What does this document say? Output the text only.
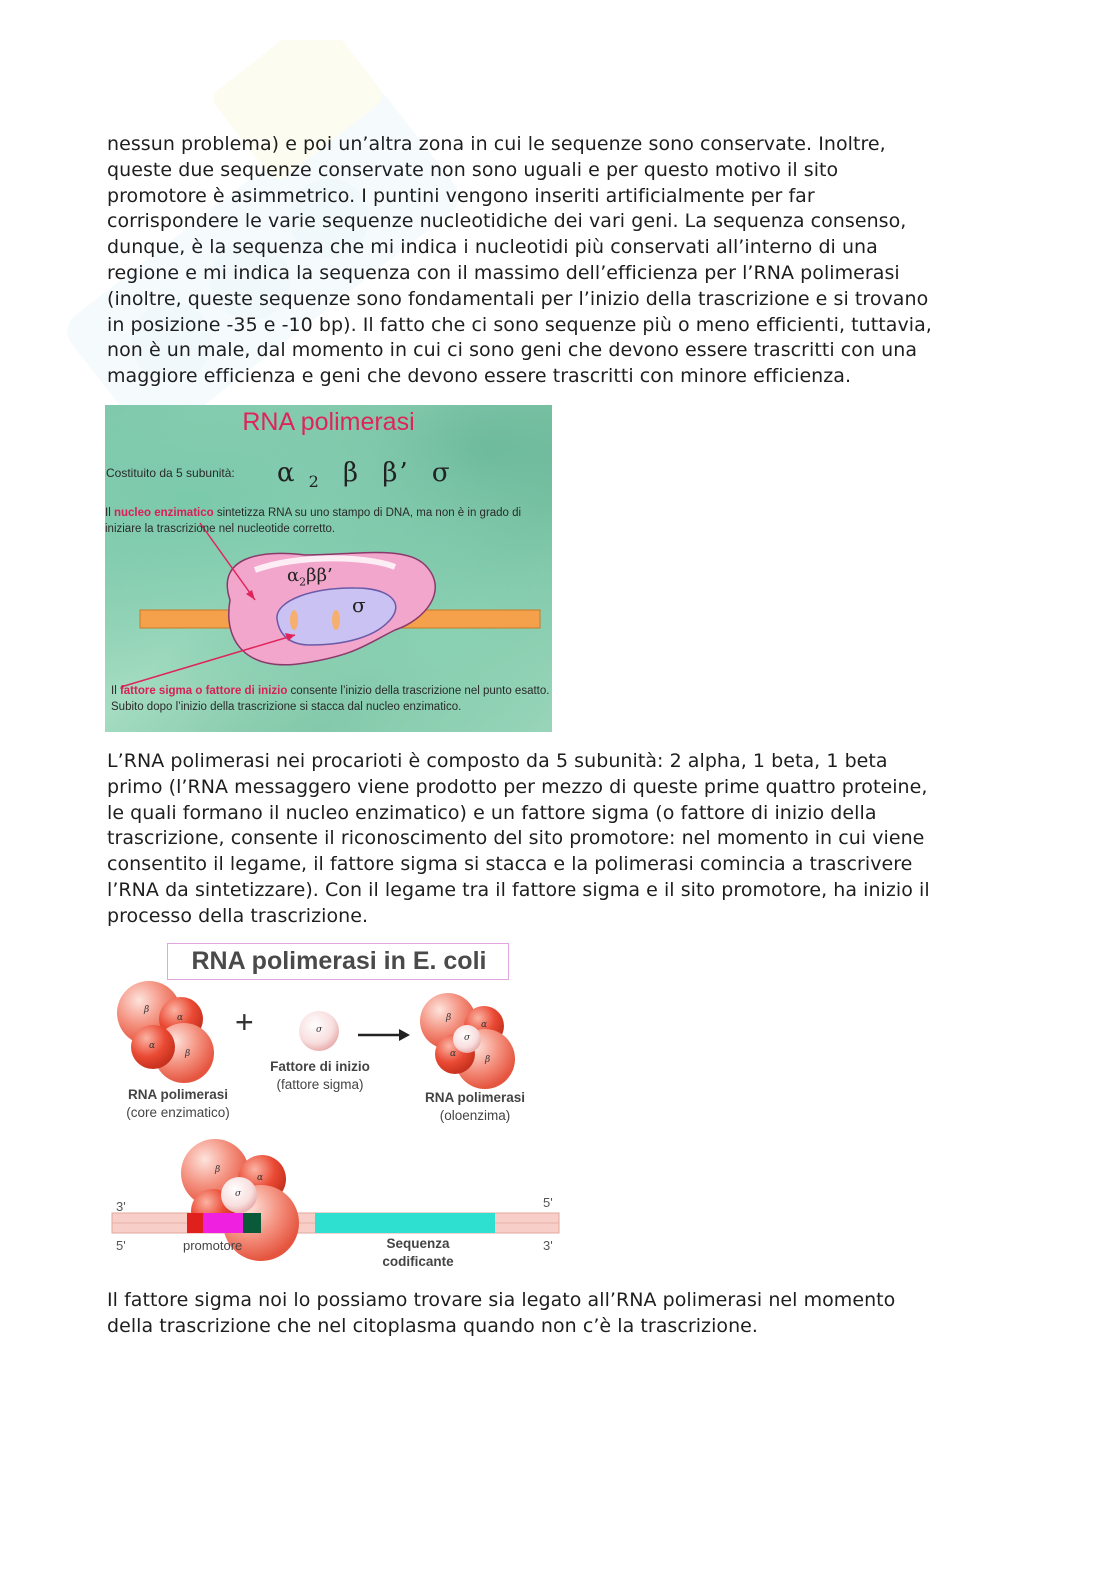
nessun problema) e poi un’altra zona in cui le sequenze sono conservate. Inoltre,
queste due sequenze conservate non sono uguali e per questo motivo il sito
promotore è asimmetrico. I puntini vengono inseriti artificialmente per far
corrispondere le varie sequenze nucleotidiche dei vari geni. La sequenza consenso,
dunque, è la sequenza che mi indica i nucleotidi più conservati all’interno di una
regione e mi indica la sequenza con il massimo dell’efficienza per l’RNA polimerasi
(inoltre, queste sequenze sono fondamentali per l’inizio della trascrizione e si trovano
in posizione -35 e -10 bp). Il fatto che ci sono sequenze più o meno efficienti, tuttavia,
non è un male, dal momento in cui ci sono geni che devono essere trascritti con una
maggiore efficienza e geni che devono essere trascritti con minore efficienza.
RNA polimerasi
Costituito da 5 subunità: α $_2$ β β’ σ
Il nucleo enzimatico sintetizza RNA su uno stampo di DNA, ma non è in grado di iniziare la trascrizione nel nucleotide corretto.
$\alpha_2\beta\beta$’
σ
Il fattore sigma o fattore di inizio consente l’inizio della trascrizione nel punto esatto. Subito dopo l’inizio della trascrizione si stacca dal nucleo enzimatico.
L’RNA polimerasi nei procarioti è composto da 5 subunità: 2 alpha, 1 beta, 1 beta
primo (l’RNA messaggero viene prodotto per mezzo di queste prime quattro proteine,
le quali formano il nucleo enzimatico) e un fattore sigma (o fattore di inizio della
trascrizione, consente il riconoscimento del sito promotore: nel momento in cui viene
consentito il legame, il fattore sigma si stacca e la polimerasi comincia a trascrivere
l’RNA da sintetizzare). Con il legame tra il fattore sigma e il sito promotore, ha inizio il
processo della trascrizione.
RNA polimerasi in E. coli
β
α
α
β
σ
β
α
α
σ
β
β
α
σ
+
RNA polimerasi
(core enzimatico)
Fattore di inizio
(fattore sigma)
RNA polimerasi
(oloenzima)
3'	5'
5'	3'
promotore	Sequenza codificante
Il fattore sigma noi lo possiamo trovare sia legato all’RNA polimerasi nel momento
della trascrizione che nel citoplasma quando non c’è la trascrizione.
